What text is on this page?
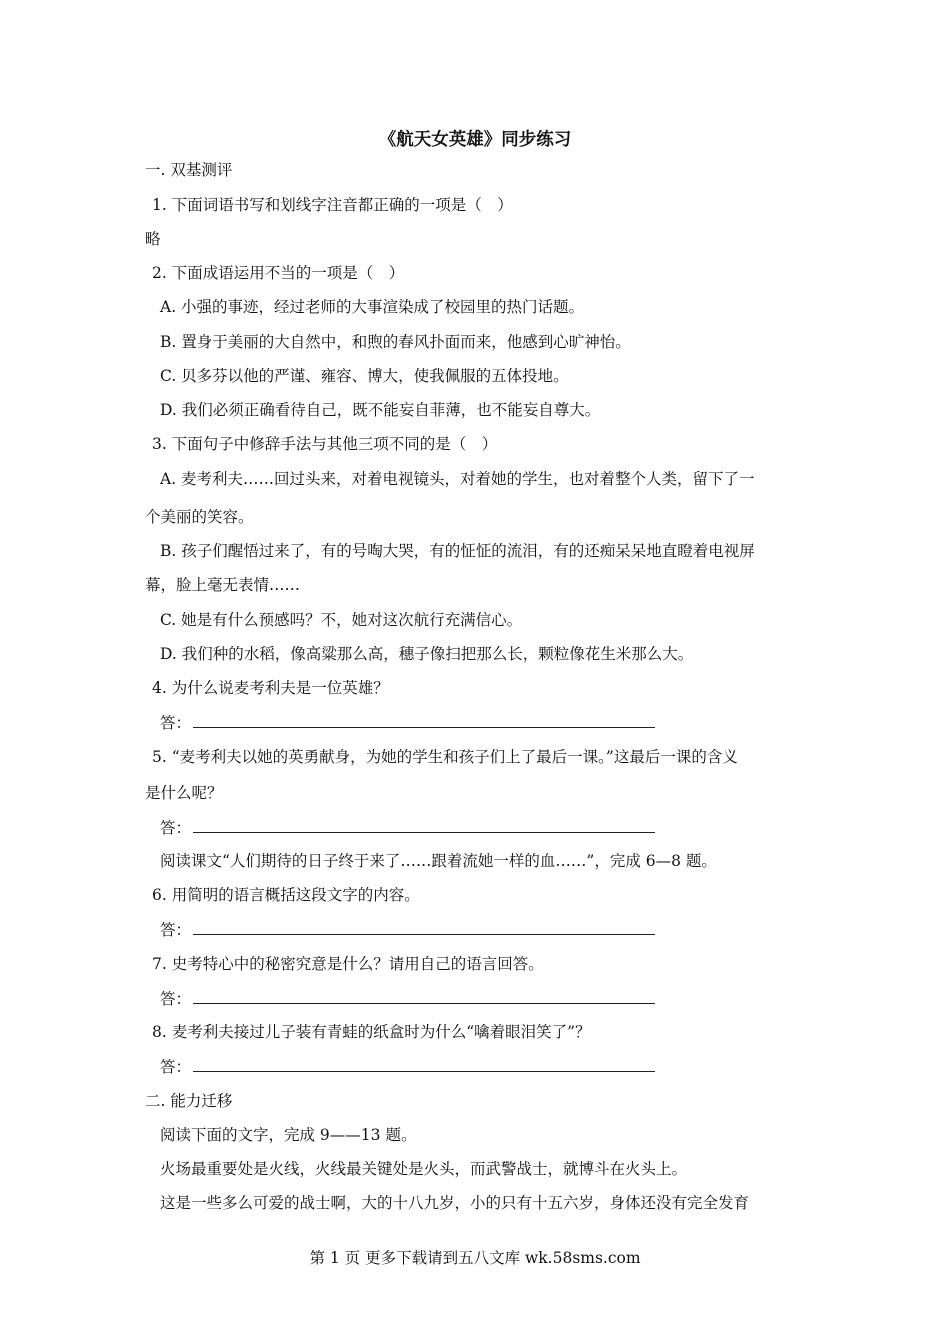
《航天女英雄》同步练习
一. 双基测评
1. 下面词语书写和划线字注音都正确的一项是（　）
略
2. 下面成语运用不当的一项是（　）
A. 小强的事迹，经过老师的大事渲染成了校园里的热门话题。
B. 置身于美丽的大自然中，和煦的春风扑面而来，他感到心旷神怡。
C. 贝多芬以他的严谨、雍容、博大，使我佩服的五体投地。
D. 我们必须正确看待自己，既不能妄自菲薄，也不能妄自尊大。
3. 下面句子中修辞手法与其他三项不同的是（　）
A. 麦考利夫……回过头来，对着电视镜头，对着她的学生，也对着整个人类，留下了一
个美丽的笑容。
B. 孩子们醒悟过来了，有的号啕大哭，有的怔怔的流泪，有的还痴呆呆地直瞪着电视屏
幕，脸上毫无表情……
C. 她是有什么预感吗？不，她对这次航行充满信心。
D. 我们种的水稻，像高粱那么高，穗子像扫把那么长，颗粒像花生米那么大。
4. 为什么说麦考利夫是一位英雄？
答：
5. “麦考利夫以她的英勇献身，为她的学生和孩子们上了最后一课。”这最后一课的含义
是什么呢？
答：
阅读课文“人们期待的日子终于来了……跟着流她一样的血……”，完成 6—8 题。
6. 用简明的语言概括这段文字的内容。
答：
7. 史考特心中的秘密究意是什么？请用自己的语言回答。
答：
8. 麦考利夫接过儿子装有青蛙的纸盒时为什么“噙着眼泪笑了”？
答：
二. 能力迁移
阅读下面的文字，完成 9——13 题。
火场最重要处是火线，火线最关键处是火头，而武警战士，就博斗在火头上。
这是一些多么可爱的战士啊，大的十八九岁，小的只有十五六岁，身体还没有完全发育
第 1 页 更多下载请到五八文库 wk.58sms.com
